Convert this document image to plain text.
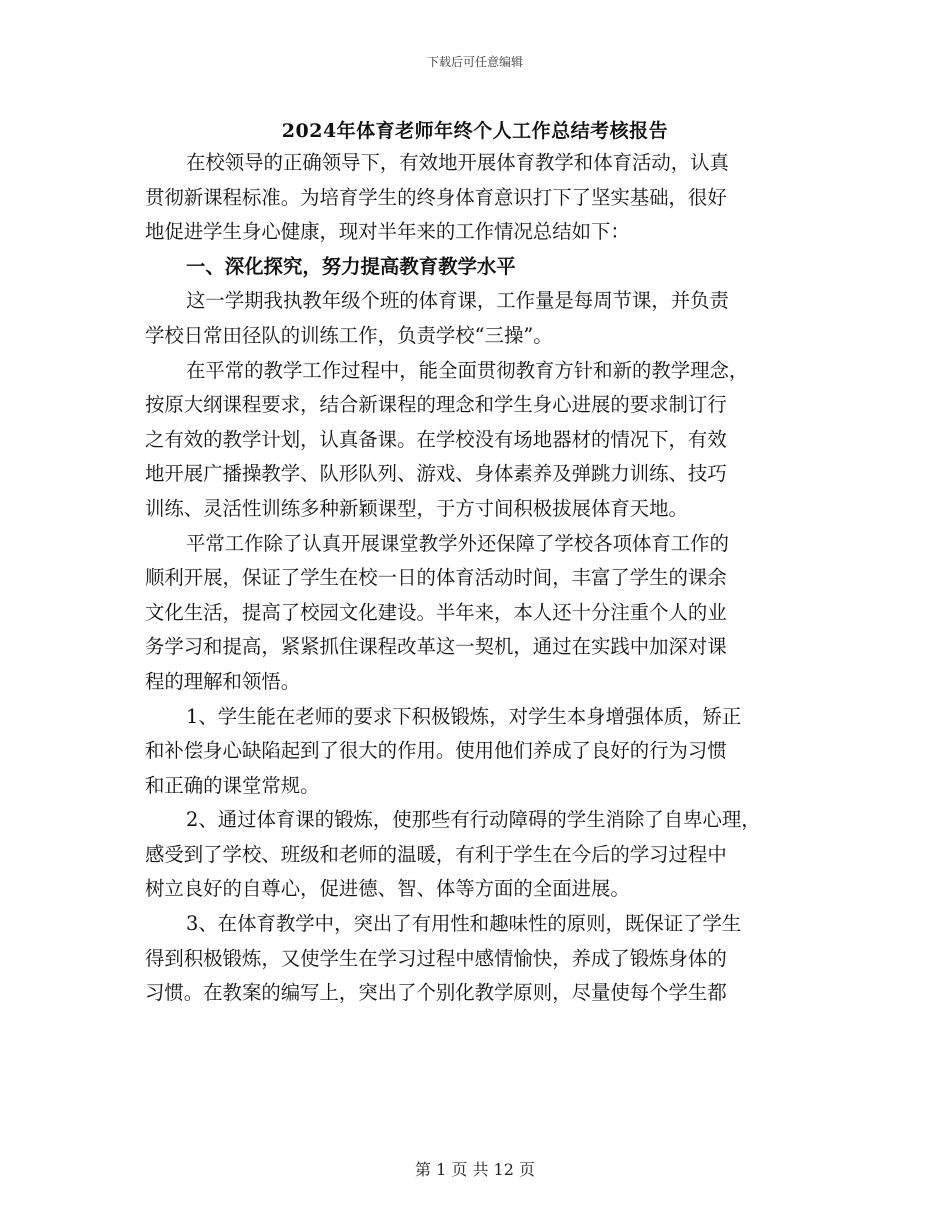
下载后可任意编辑
2024年体育老师年终个人工作总结考核报告
在校领导的正确领导下，有效地开展体育教学和体育活动，认真
贯彻新课程标准。为培育学生的终身体育意识打下了坚实基础，很好
地促进学生身心健康，现对半年来的工作情况总结如下：
一、深化探究，努力提高教育教学水平
这一学期我执教年级个班的体育课，工作量是每周节课，并负责
学校日常田径队的训练工作，负责学校“三操”。
在平常的教学工作过程中，能全面贯彻教育方针和新的教学理念，
按原大纲课程要求，结合新课程的理念和学生身心进展的要求制订行
之有效的教学计划，认真备课。在学校没有场地器材的情况下，有效
地开展广播操教学、队形队列、游戏、身体素养及弹跳力训练、技巧
训练、灵活性训练多种新颖课型，于方寸间积极拔展体育天地。
平常工作除了认真开展课堂教学外还保障了学校各项体育工作的
顺利开展，保证了学生在校一日的体育活动时间，丰富了学生的课余
文化生活，提高了校园文化建设。半年来，本人还十分注重个人的业
务学习和提高，紧紧抓住课程改革这一契机，通过在实践中加深对课
程的理解和领悟。
1、学生能在老师的要求下积极锻炼，对学生本身增强体质，矫正
和补偿身心缺陷起到了很大的作用。使用他们养成了良好的行为习惯
和正确的课堂常规。
2、通过体育课的锻炼，使那些有行动障碍的学生消除了自卑心理，
感受到了学校、班级和老师的温暖，有利于学生在今后的学习过程中
树立良好的自尊心，促进德、智、体等方面的全面进展。
3、在体育教学中，突出了有用性和趣味性的原则，既保证了学生
得到积极锻炼，又使学生在学习过程中感情愉快，养成了锻炼身体的
习惯。在教案的编写上，突出了个别化教学原则，尽量使每个学生都
第 1 页 共 12 页
